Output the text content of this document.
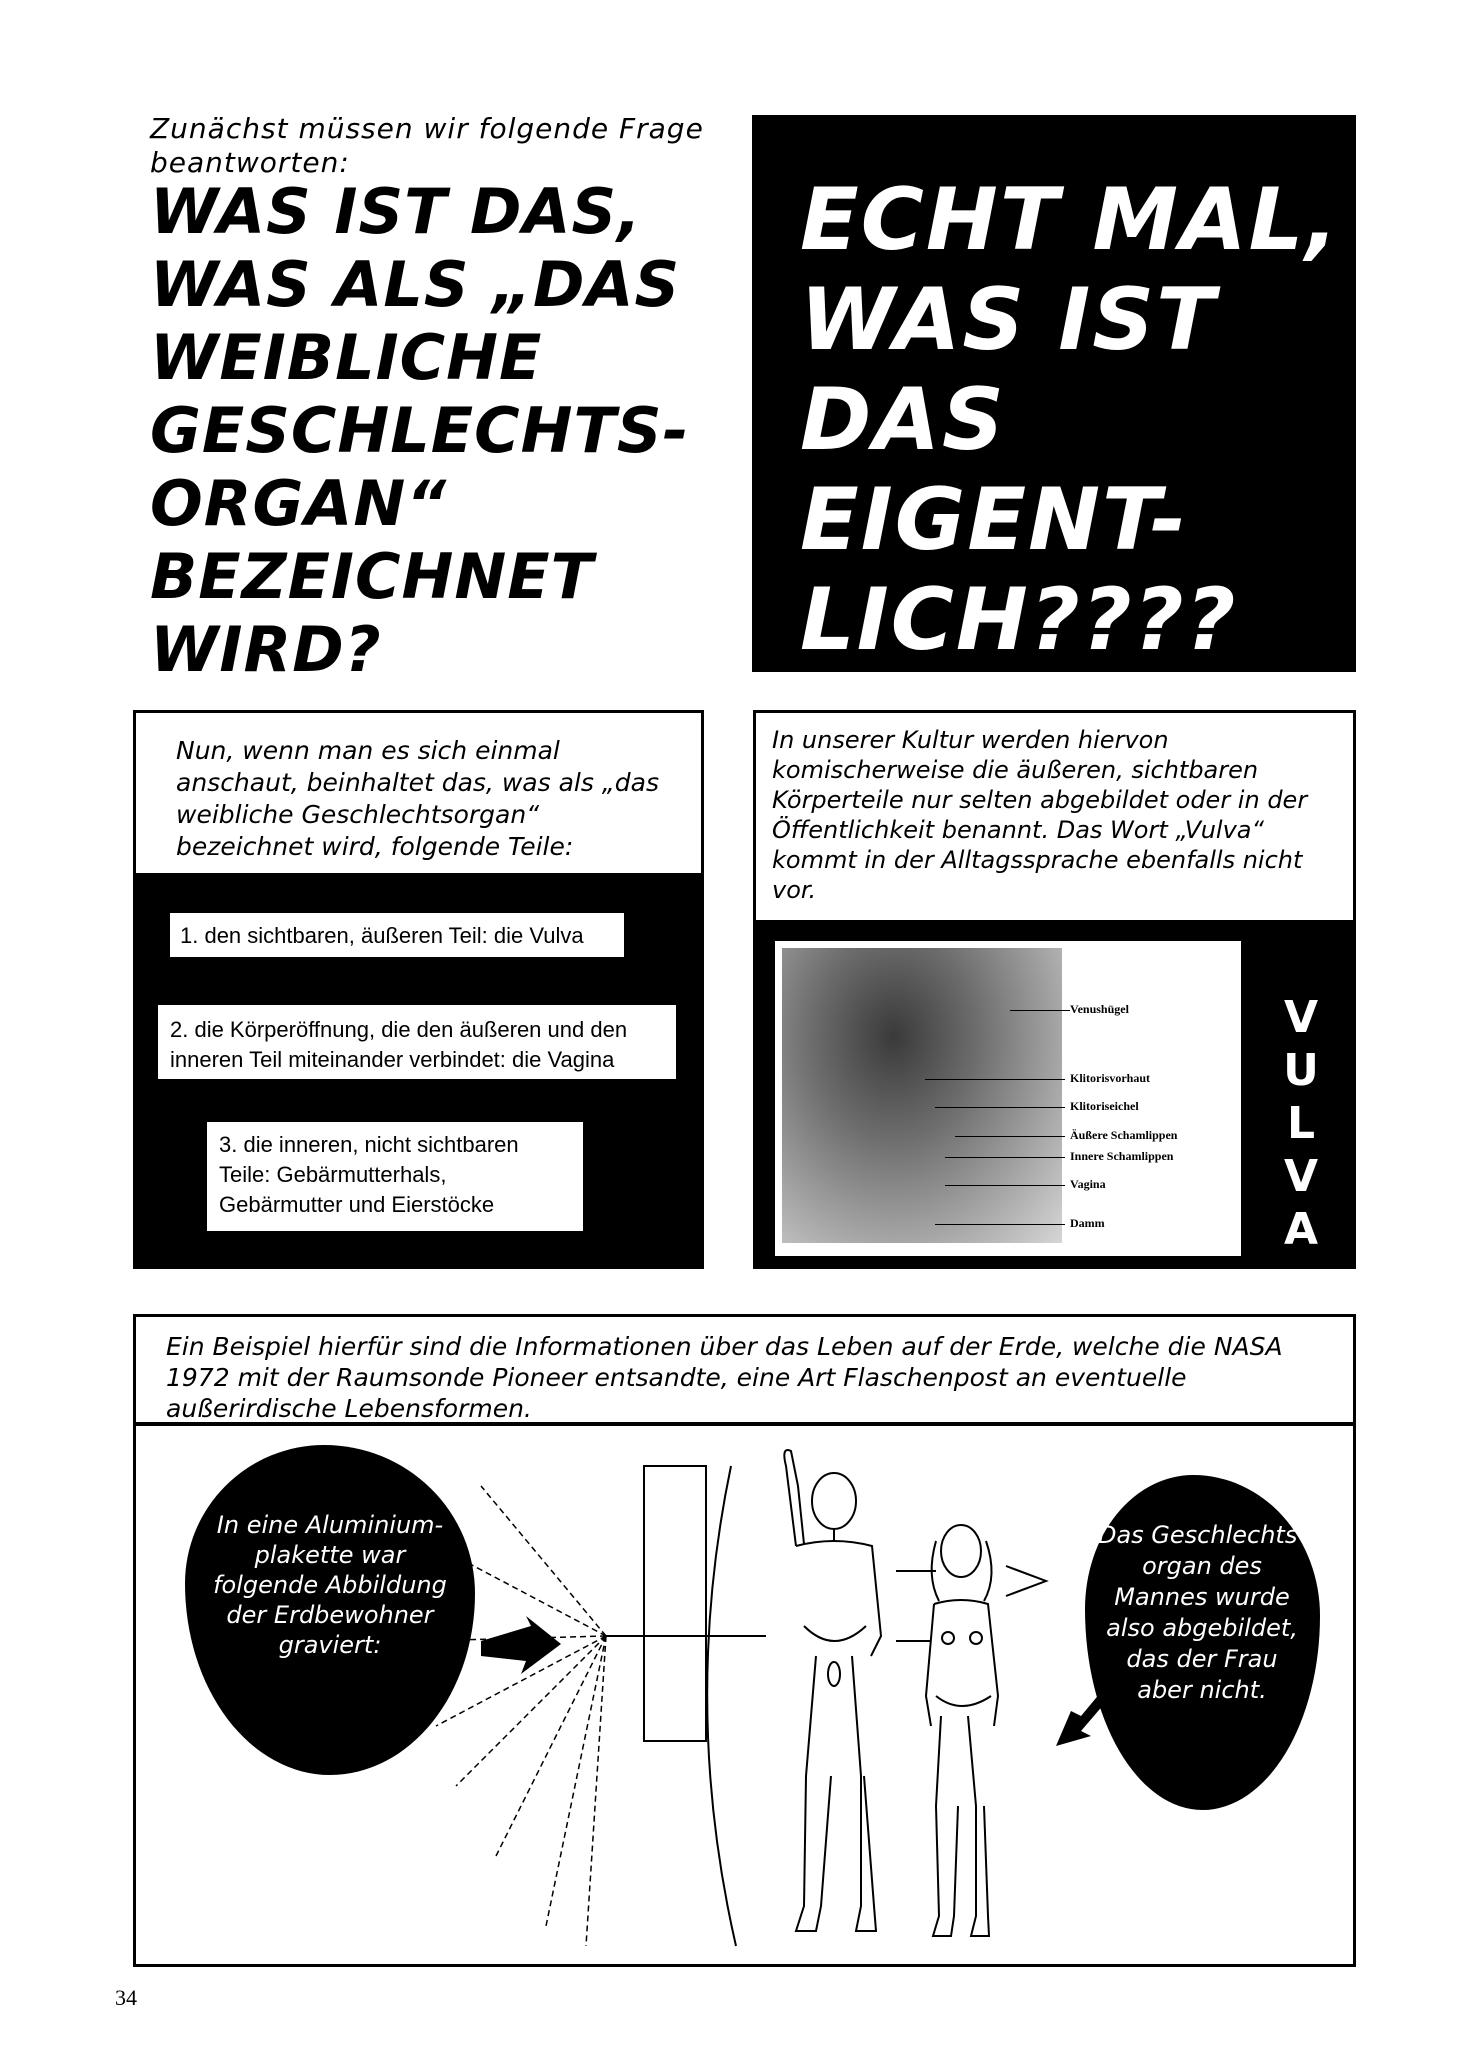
Zunächst müssen wir folgende Frage beantworten:
WAS IST DAS, WAS ALS „DAS WEIBLICHE GESCHLECHTS-ORGAN“ BEZEICHNET WIRD?
ECHT MAL, WAS IST DAS EIGENT-LICH????
Nun, wenn man es sich einmal anschaut, beinhaltet das, was als „das weibliche Geschlechtsorgan“ bezeichnet wird, folgende Teile:
1. den sichtbaren, äußeren Teil: die Vulva
2. die Körperöffnung, die den äußeren und den inneren Teil miteinander verbindet: die Vagina
3. die inneren, nicht sichtbaren Teile: Gebärmutterhals, Gebärmutter und Eierstöcke
In unserer Kultur werden hiervon komischerweise die äußeren, sichtbaren Körperteile nur selten abgebildet oder in der Öffentlichkeit benannt. Das Wort „Vulva“ kommt in der Alltagssprache ebenfalls nicht vor.
Venushügel
Klitorisvorhaut
Klitoriseichel
Äußere Schamlippen
Innere Schamlippen
Vagina
Damm
V
U
L
V
A
Ein Beispiel hierfür sind die Informationen über das Leben auf der Erde, welche die NASA 1972 mit der Raumsonde Pioneer entsandte, eine Art Flaschenpost an eventuelle außerirdische Lebensformen.
In eine Aluminium-plakette war folgende Abbildung der Erdbewohner graviert:
Das Geschlechts-organ des Mannes wurde also abgebildet, das der Frau aber nicht.
34
